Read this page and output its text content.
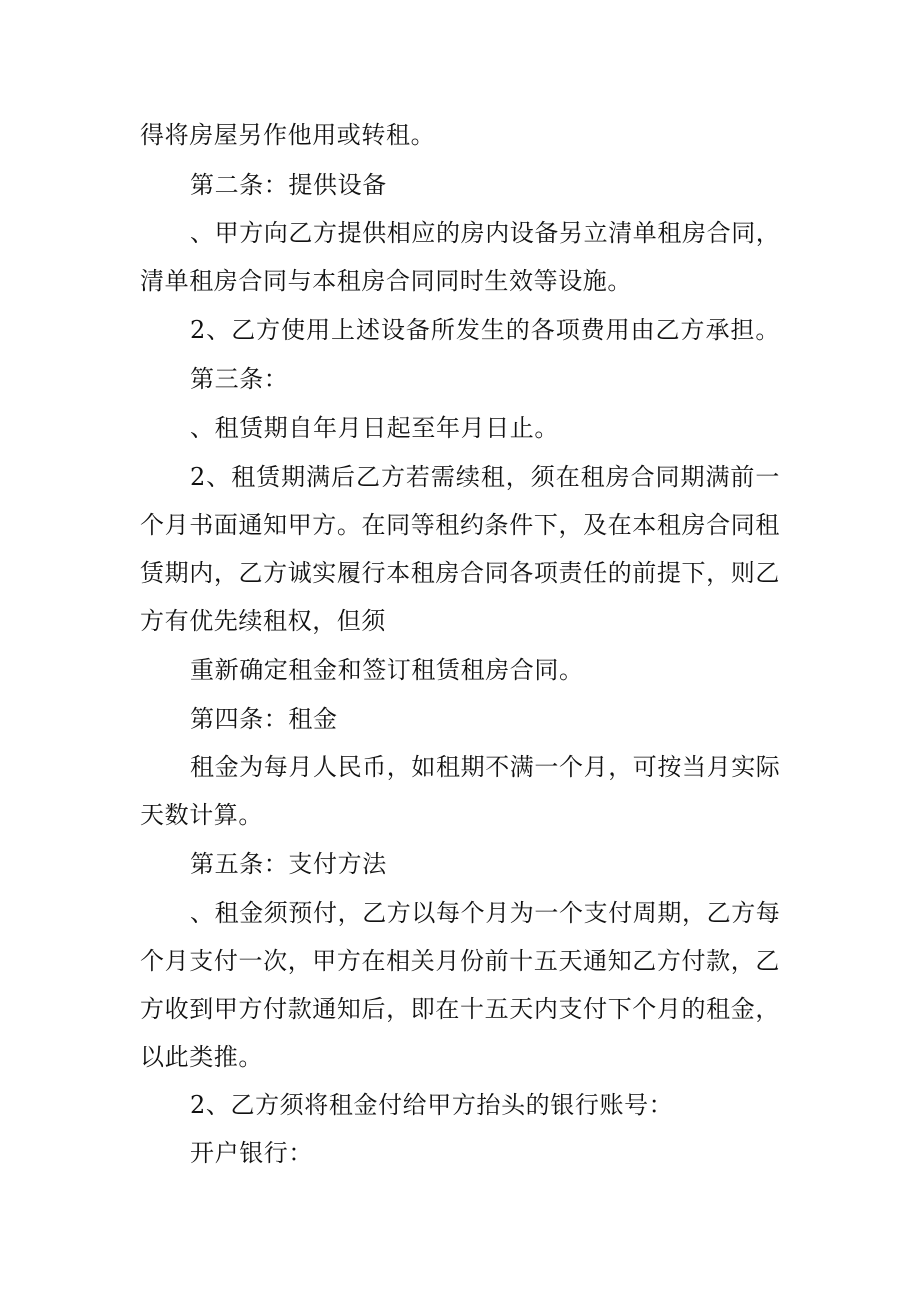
得将房屋另作他用或转租。
第二条：提供设备
、甲方向乙方提供相应的房内设备另立清单租房合同，
清单租房合同与本租房合同同时生效等设施。
2、乙方使用上述设备所发生的各项费用由乙方承担。
第三条：
、租赁期自年月日起至年月日止。
2、租赁期满后乙方若需续租，须在租房合同期满前一
个月书面通知甲方。在同等租约条件下，及在本租房合同租
赁期内，乙方诚实履行本租房合同各项责任的前提下，则乙
方有优先续租权，但须
重新确定租金和签订租赁租房合同。
第四条：租金
租金为每月人民币，如租期不满一个月，可按当月实际
天数计算。
第五条：支付方法
、租金须预付，乙方以每个月为一个支付周期，乙方每
个月支付一次，甲方在相关月份前十五天通知乙方付款，乙
方收到甲方付款通知后，即在十五天内支付下个月的租金，
以此类推。
2、乙方须将租金付给甲方抬头的银行账号：
开户银行：
